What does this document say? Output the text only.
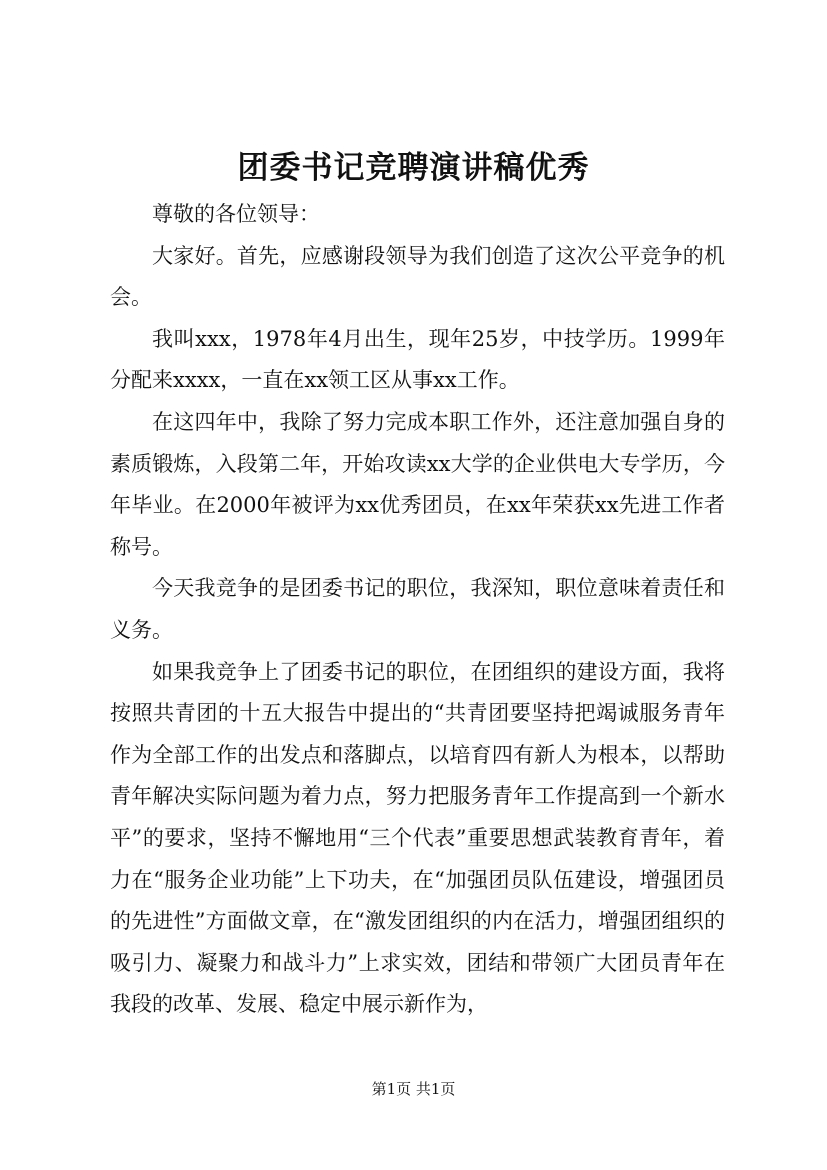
团委书记竞聘演讲稿优秀

尊敬的各位领导：

大家好。首先，应感谢段领导为我们创造了这次公平竞争的机会。

我叫xxx，1978年4月出生，现年25岁，中技学历。1999年分配来xxxx，一直在xx领工区从事xx工作。

在这四年中，我除了努力完成本职工作外，还注意加强自身的素质锻炼，入段第二年，开始攻读xx大学的企业供电大专学历，今年毕业。在2000年被评为xx优秀团员，在xx年荣获xx先进工作者称号。

今天我竞争的是团委书记的职位，我深知，职位意味着责任和义务。

如果我竞争上了团委书记的职位，在团组织的建设方面，我将按照共青团的十五大报告中提出的“共青团要坚持把竭诚服务青年作为全部工作的出发点和落脚点，以培育四有新人为根本，以帮助青年解决实际问题为着力点，努力把服务青年工作提高到一个新水平”的要求，坚持不懈地用“三个代表”重要思想武装教育青年，着力在“服务企业功能”上下功夫，在“加强团员队伍建设，增强团员的先进性”方面做文章，在“激发团组织的内在活力，增强团组织的吸引力、凝聚力和战斗力”上求实效，团结和带领广大团员青年在我段的改革、发展、稳定中展示新作为，

第1页 共1页
